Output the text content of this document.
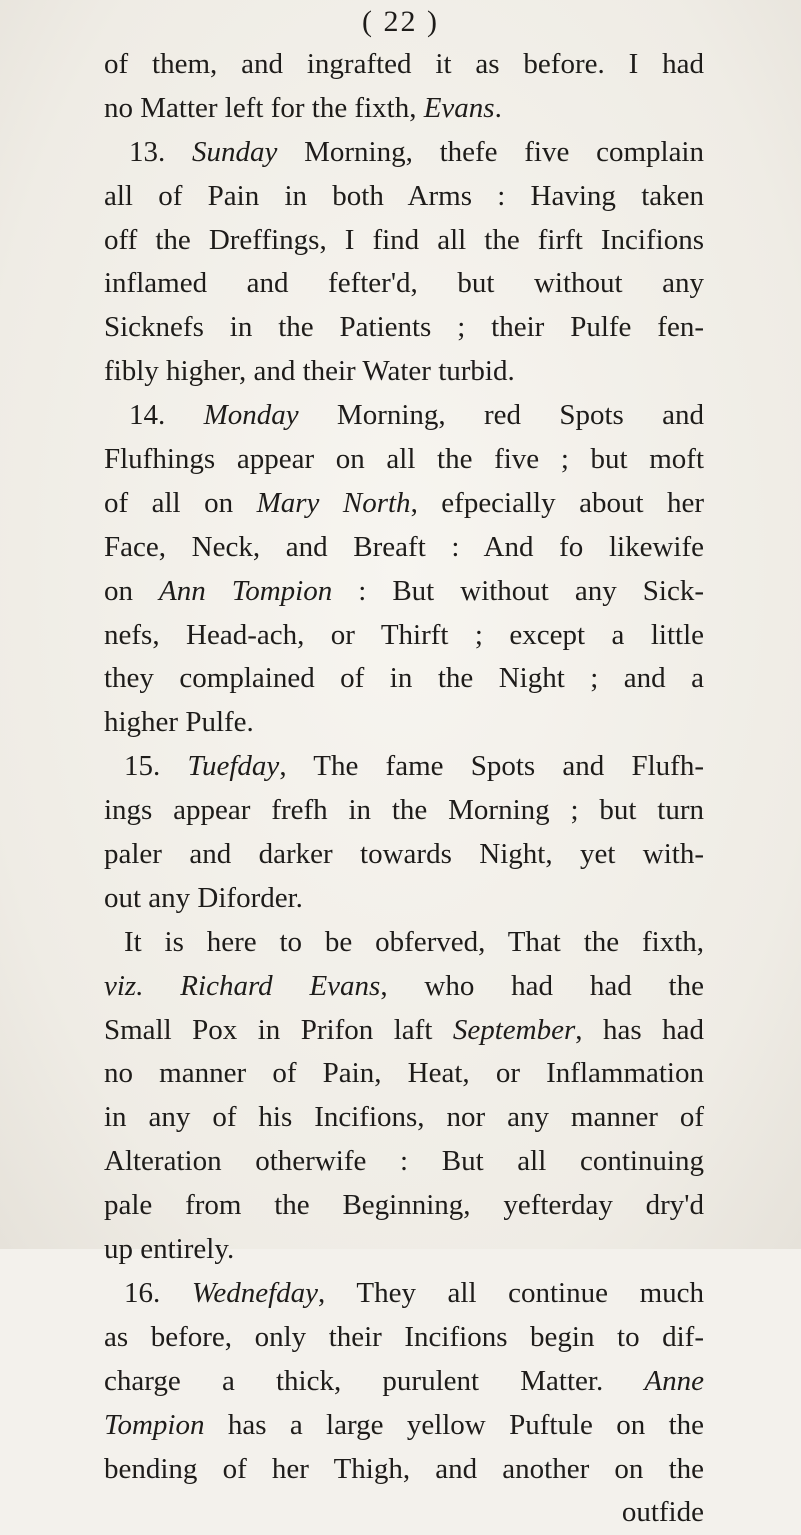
( 22 )
of them, and ingrafted it as before. I had
no Matter left for the fixth, Evans.
13. Sunday Morning, thefe five complain
all of Pain in both Arms : Having taken
off the Dreffings, I find all the firft Incifions
inflamed and fefter'd, but without any
Sicknefs in the Patients ; their Pulfe fen-
fibly higher, and their Water turbid.
14. Monday Morning, red Spots and
Flufhings appear on all the five ; but moft
of all on Mary North, efpecially about her
Face, Neck, and Breaft : And fo likewife
on Ann Tompion : But without any Sick-
nefs, Head-ach, or Thirft ; except a little
they complained of in the Night ; and a
higher Pulfe.
15. Tuefday, The fame Spots and Flufh-
ings appear frefh in the Morning ; but turn
paler and darker towards Night, yet with-
out any Diforder.
It is here to be obferved, That the fixth,
viz. Richard Evans, who had had the
Small Pox in Prifon laft September, has had
no manner of Pain, Heat, or Inflammation
in any of his Incifions, nor any manner of
Alteration otherwife : But all continuing
pale from the Beginning, yefterday dry'd
up entirely.
16. Wednefday, They all continue much
as before, only their Incifions begin to dif-
charge a thick, purulent Matter. Anne
Tompion has a large yellow Puftule on the
bending of her Thigh, and another on the
outfide
